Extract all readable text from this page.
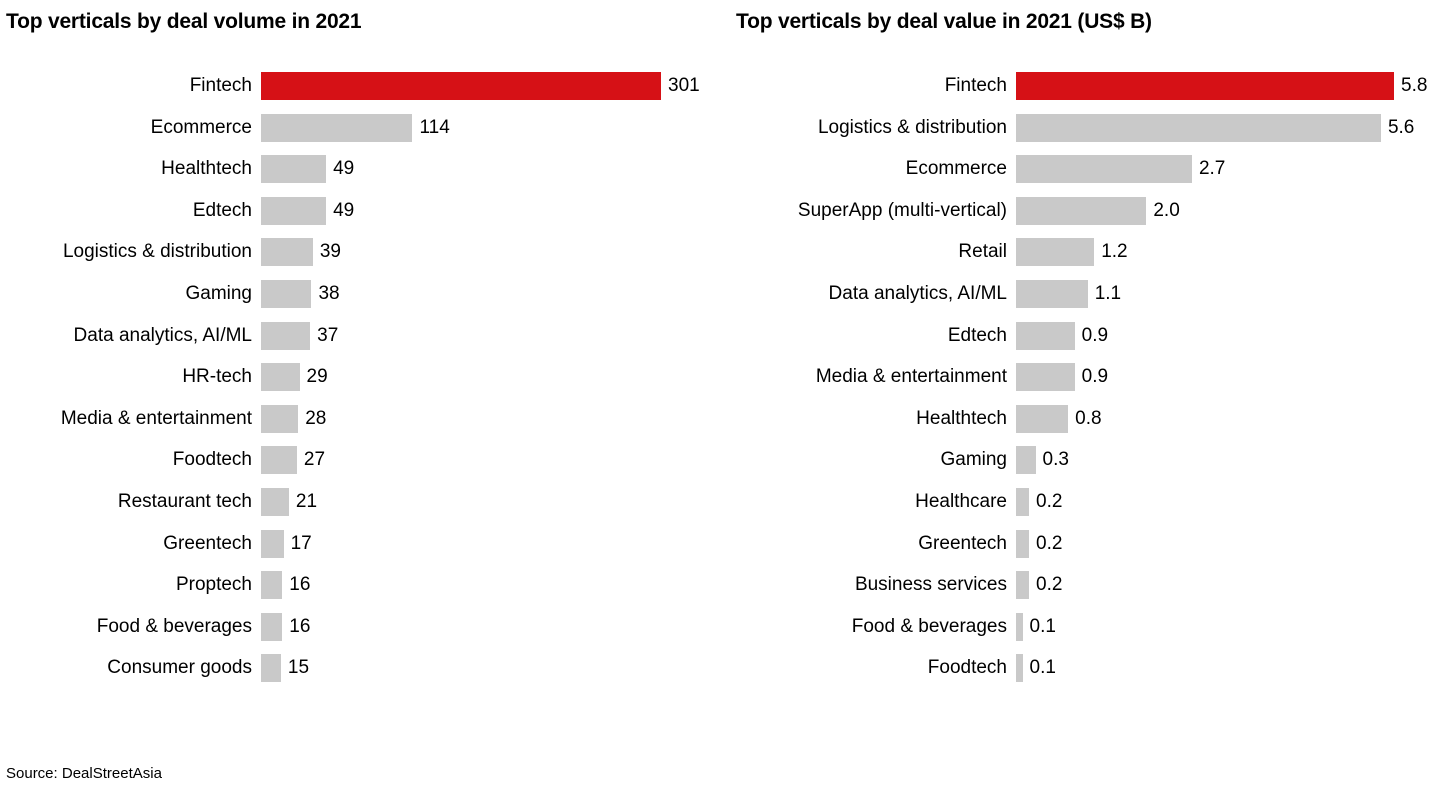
Top verticals by deal volume in 2021
Fintech	301
Ecommerce	114
Healthtech	49
Edtech	49
Logistics & distribution	39
Gaming	38
Data analytics, AI/ML	37
HR-tech	29
Media & entertainment	28
Foodtech	27
Restaurant tech	21
Greentech	17
Proptech	16
Food & beverages	16
Consumer goods	15
Top verticals by deal value in 2021 (US$ B)
Fintech	5.8
Logistics & distribution	5.6
Ecommerce	2.7
SuperApp (multi-vertical)	2.0
Retail	1.2
Data analytics, AI/ML	1.1
Edtech	0.9
Media & entertainment	0.9
Healthtech	0.8
Gaming	0.3
Healthcare	0.2
Greentech	0.2
Business services	0.2
Food & beverages	0.1
Foodtech	0.1
Source: DealStreetAsia
